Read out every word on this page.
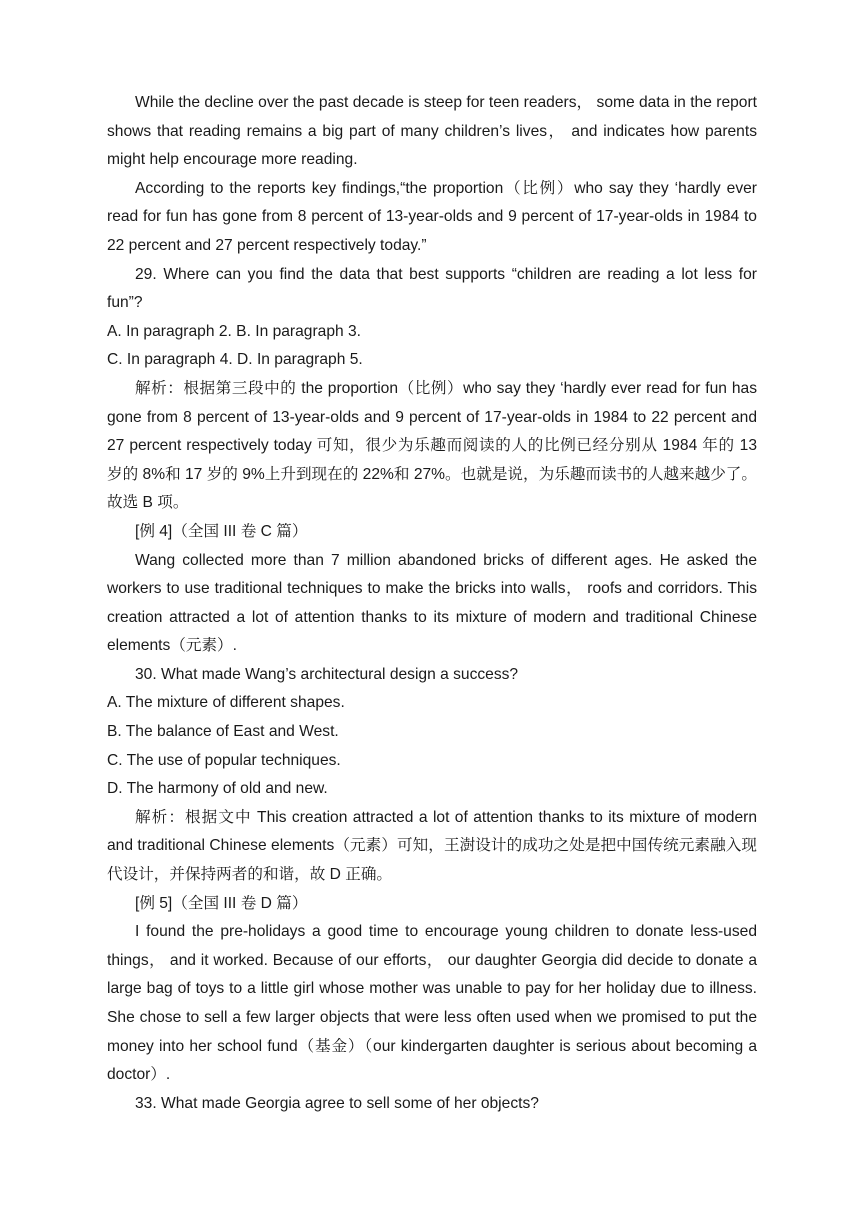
While the decline over the past decade is steep for teen readers， some data in the report shows that reading remains a big part of many children’s lives， and indicates how parents might help encourage more reading.

According to the reports key findings,“the proportion（比例）who say they ‘hardly ever read for fun has gone from 8 percent of 13-year-olds and 9 percent of 17-year-olds in 1984 to 22 percent and 27 percent respectively today.”

29. Where can you find the data that best supports “children are reading a lot less for fun”?

A. In paragraph 2. B. In paragraph 3.

C. In paragraph 4. D. In paragraph 5.

解析：根据第三段中的 the proportion（比例）who say they ‘hardly ever read for fun has gone from 8 percent of 13-year-olds and 9 percent of 17-year-olds in 1984 to 22 percent and 27 percent respectively today 可知，很少为乐趣而阅读的人的比例已经分别从 1984 年的 13 岁的 8%和 17 岁的 9%上升到现在的 22%和 27%。也就是说，为乐趣而读书的人越来越少了。故选 B 项。

[例 4]（全国 III 卷 C 篇）

Wang collected more than 7 million abandoned bricks of different ages. He asked the workers to use traditional techniques to make the bricks into walls， roofs and corridors. This creation attracted a lot of attention thanks to its mixture of modern and traditional Chinese elements（元素）.

30. What made Wang’s architectural design a success?

A. The mixture of different shapes.

B. The balance of East and West.

C. The use of popular techniques.

D. The harmony of old and new.

解析：根据文中 This creation attracted a lot of attention thanks to its mixture of modern and traditional Chinese elements（元素）可知，王澍设计的成功之处是把中国传统元素融入现代设计，并保持两者的和谐，故 D 正确。

[例 5]（全国 III 卷 D 篇）

I found the pre-holidays a good time to encourage young children to donate less-used things， and it worked. Because of our efforts， our daughter Georgia did decide to donate a large bag of toys to a little girl whose mother was unable to pay for her holiday due to illness. She chose to sell a few larger objects that were less often used when we promised to put the money into her school fund（基金）（our kindergarten daughter is serious about becoming a doctor）.

33. What made Georgia agree to sell some of her objects?
